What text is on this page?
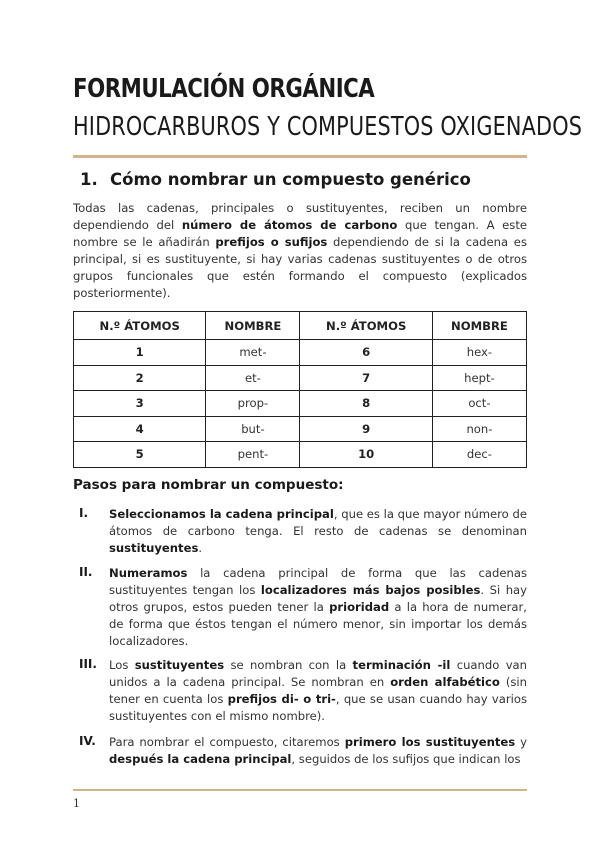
FORMULACIÓN ORGÁNICA
HIDROCARBUROS Y COMPUESTOS OXIGENADOS
1. Cómo nombrar un compuesto genérico
Todas las cadenas, principales o sustituyentes, reciben un nombre dependiendo del número de átomos de carbono que tengan. A este nombre se le añadirán prefijos o sufijos dependiendo de si la cadena es principal, si es sustituyente, si hay varias cadenas sustituyentes o de otros grupos funcionales que estén formando el compuesto (explicados posteriormente).
N.º ÁTOMOS	NOMBRE	N.º ÁTOMOS	NOMBRE
1	met-	6	hex-
2	et-	7	hept-
3	prop-	8	oct-
4	but-	9	non-
5	pent-	10	dec-
Pasos para nombrar un compuesto:
I. Seleccionamos la cadena principal, que es la que mayor número de átomos de carbono tenga. El resto de cadenas se denominan sustituyentes.
II. Numeramos la cadena principal de forma que las cadenas sustituyentes tengan los localizadores más bajos posibles. Si hay otros grupos, estos pueden tener la prioridad a la hora de numerar, de forma que éstos tengan el número menor, sin importar los demás localizadores.
III. Los sustituyentes se nombran con la terminación -il cuando van unidos a la cadena principal. Se nombran en orden alfabético (sin tener en cuenta los prefijos di- o tri-, que se usan cuando hay varios sustituyentes con el mismo nombre).
IV. Para nombrar el compuesto, citaremos primero los sustituyentes y después la cadena principal, seguidos de los sufijos que indican los
1
